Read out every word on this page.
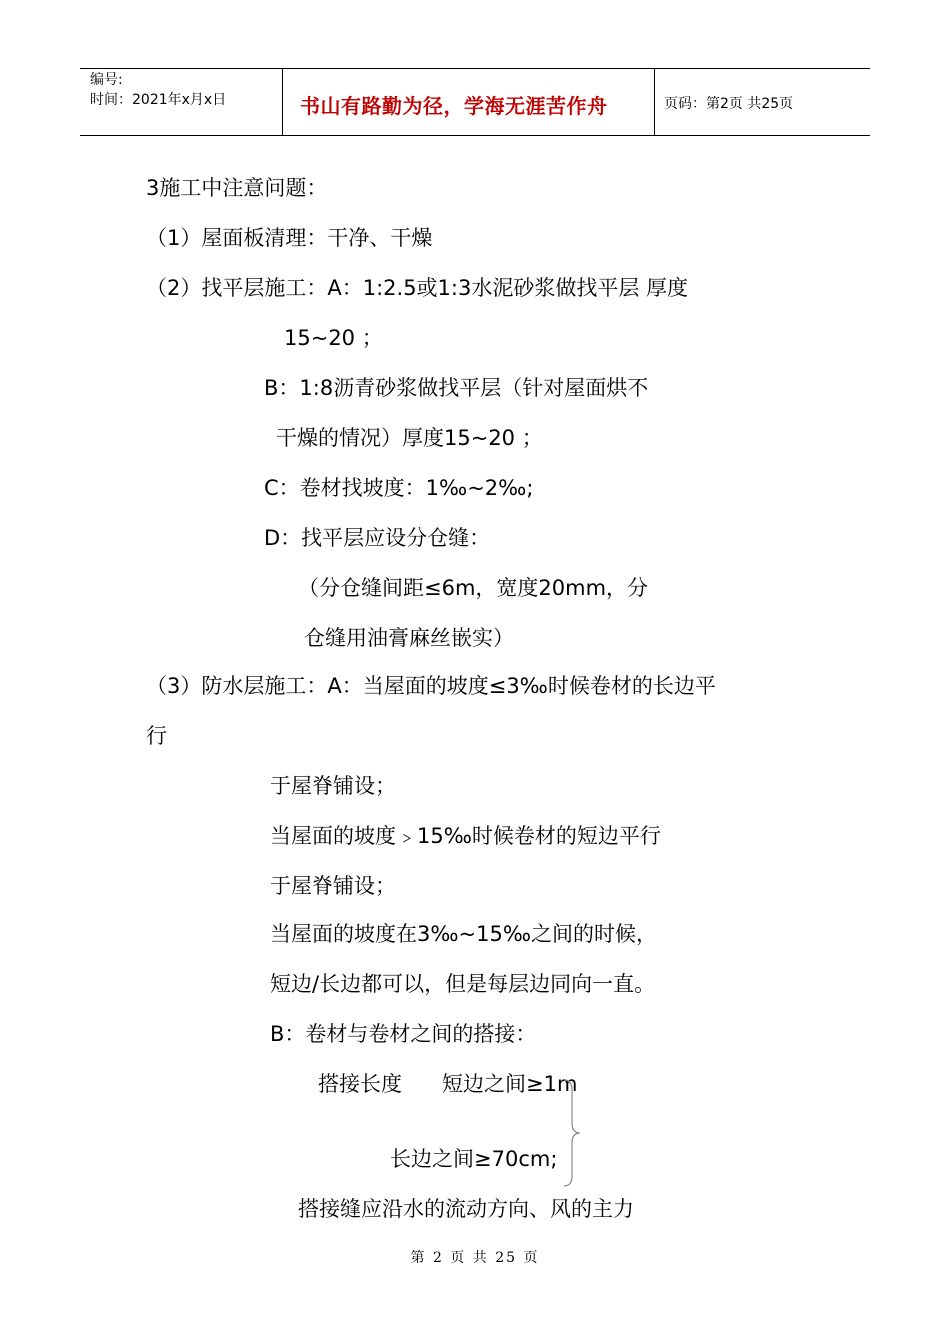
编号:
时间：2021年x月x日	书山有路勤为径，学海无涯苦作舟	页码：第2页 共25页
3施工中注意问题：
（1）屋面板清理：干净、干燥
（2）找平层施工：A：1:2.5或1:3水泥砂浆做找平层 厚度
15~20 ；
B：1:8沥青砂浆做找平层（针对屋面烘不
干燥的情况）厚度15~20 ；
C：卷材找坡度：1‰~2‰;
D：找平层应设分仓缝：
（分仓缝间距≤6m，宽度20mm，分
仓缝用油膏麻丝嵌实）
（3）防水层施工：A：当屋面的坡度≤3‰时候卷材的长边平
行
于屋脊铺设；
当屋面的坡度﹥15‰时候卷材的短边平行
于屋脊铺设；
当屋面的坡度在3‰~15‰之间的时候，
短边/长边都可以，但是每层边同向一直。
B：卷材与卷材之间的搭接：
搭接长度      短边之间≥1m
长边之间≥70cm;
搭接缝应沿水的流动方向、风的主力
第 2 页 共 25 页
